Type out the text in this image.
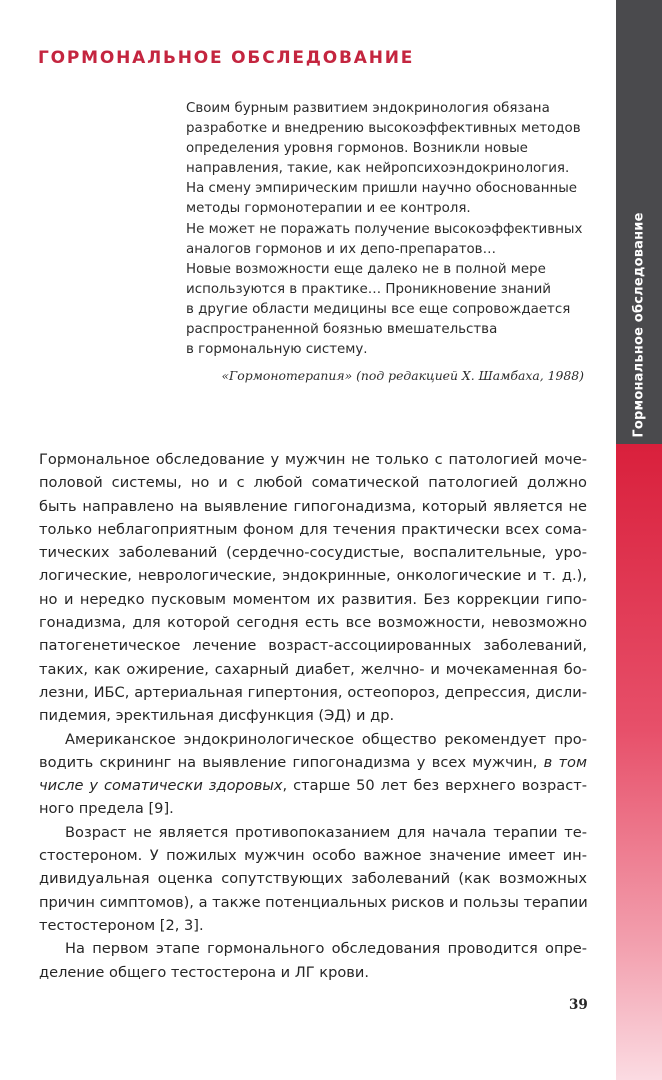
ГОРМОНАЛЬНОЕ ОБСЛЕДОВАНИЕ
Своим бурным развитием эндокринология обязана
разработке и внедрению высокоэффективных методов
определения уровня гормонов. Возникли новые
направления, такие, как нейропсихоэндокринология.
На смену эмпирическим пришли научно обоснованные
методы гормонотерапии и ее контроля.
Не может не поражать получение высокоэффективных
аналогов гормонов и их депо-препаратов…
Новые возможности еще далеко не в полной мере
используются в практике… Проникновение знаний
в другие области медицины все еще сопровождается
распространенной боязнью вмешательства
в гормональную систему.
«Гормонотерапия» (под редакцией Х. Шамбаха, 1988)
Гормональное обследование у мужчин не только с патологией моче-
половой системы, но и с любой соматической патологией должно
быть направлено на выявление гипогонадизма, который является не
только неблагоприятным фоном для течения практически всех сома-
тических заболеваний (сердечно-сосудистые, воспалительные, уро-
логические, неврологические, эндокринные, онкологические и т. д.),
но и нередко пусковым моментом их развития. Без коррекции гипо-
гонадизма, для которой сегодня есть все возможности, невозможно
патогенетическое лечение возраст-ассоциированных заболеваний,
таких, как ожирение, сахарный диабет, желчно- и мочекаменная бо-
лезни, ИБС, артериальная гипертония, остеопороз, депрессия, дисли-
пидемия, эректильная дисфункция (ЭД) и др.
Американское эндокринологическое общество рекомендует про-
водить скрининг на выявление гипогонадизма у всех мужчин, в том
числе у соматически здоровых, старше 50 лет без верхнего возраст-
ного предела [9].
Возраст не является противопоказанием для начала терапии те-
стостероном. У пожилых мужчин особо важное значение имеет ин-
дивидуальная оценка сопутствующих заболеваний (как возможных
причин симптомов), а также потенциальных рисков и пользы терапии
тестостероном [2, 3].
На первом этапе гормонального обследования проводится опре-
деление общего тестостерона и ЛГ крови.
39
Гормональное обследование
